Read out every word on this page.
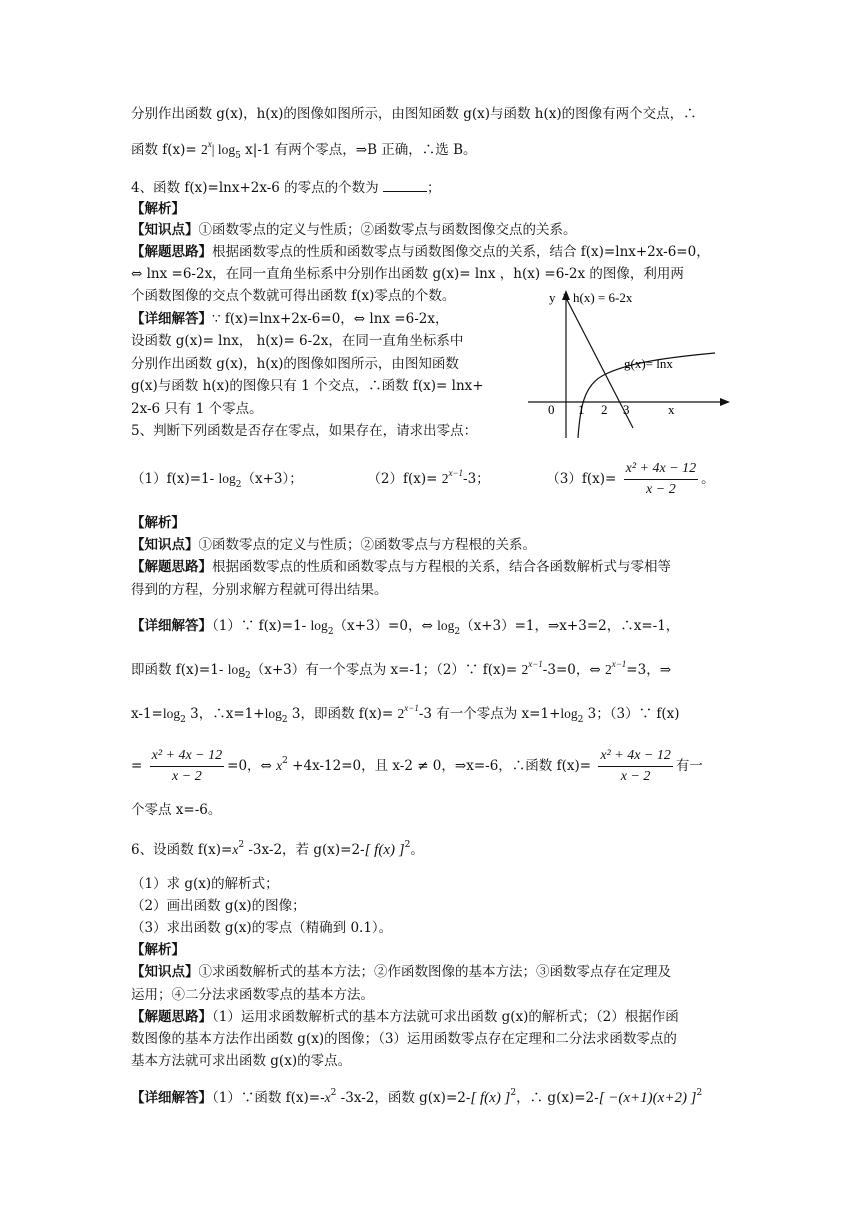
分别作出函数 g(x)，h(x)的图像如图所示，由图知函数 g(x)与函数 h(x)的图像有两个交点，∴
函数 $f(x)= 2^x|$ $\log_5 x|-1$ 有两个零点，⇒B 正确，∴选 B。
4、函数 f(x)=lnx+2x-6 的零点的个数为	；
【解析】
【知识点】①函数零点的定义与性质；②函数零点与函数图像交点的关系。
【解题思路】根据函数零点的性质和函数零点与函数图像交点的关系，结合 f(x)=lnx+2x-6=0，
⇔ lnx =6-2x，在同一直角坐标系中分别作出函数 g(x)= lnx ，h(x) =6-2x 的图像，利用两
个函数图像的交点个数就可得出函数 f(x)零点的个数。
【详细解答】∵ f(x)=lnx+2x-6=0，⇔ lnx =6-2x，
设函数 g(x)= lnx， h(x)= 6-2x，在同一直角坐标系中
分别作出函数 g(x)，h(x)的图像如图所示，由图知函数
g(x)与函数 h(x)的图像只有 1 个交点，∴函数 f(x)= lnx+
2x-6 只有 1 个零点。
y h(x) = 6-2x
g(x)= lnx
0 1 2 3	x
5、判断下列函数是否存在零点，如果存在，请求出零点：
（1）f(x)=1- $\log_2(x+3)$；	$(2)f(x)= 2^{x-1}-3$；	$(3)f(x)= \frac{\text{x² + 4x − 12}}{x - 2}$ 。
【解析】
【知识点】①函数零点的定义与性质；②函数零点与方程根的关系。
【解题思路】根据函数零点的性质和函数零点与方程根的关系，结合各函数解析式与零相等
得到的方程，分别求解方程就可得出结果。
【详细解答】（1）∵ f(x)=1- $\log_2(x+3)=0$，⇔ $\log_2(x+3)=1$，⇒x+3=2，∴x=-1，
即函数 f(x)=1- $\log_2(x+3)$有一个零点为 x=-1；（2）∵ $f(x)= 2^{x-1}-3=0$，⇔ $2^{x-1}=3$，⇒
$x-1=\log_2$ 3，$\therefore x=1+\log_2$ 3，即函数 $f(x)= 2^{x-1}-3$ 有一个零点为 $x=1+\log_2$ 3；（3）∵ f(x)
= $\frac{\text{x² + 4x − 12}}{x - 2} =0$，⇔ $x^2 +4x-12=0$，且 x-2 ≠ 0，⇒x=-6，∴函数 $f(x)= \frac{\text{x² + 4x − 12}}{x - 2}$ 有一
个零点 x=-6。
6、设函数 $f(x)=x^2$ -3x-2，若 g(x)=2-[ f(x) ]$^2$。
（1）求 g(x)的解析式；
（2）画出函数 g(x)的图像；
（3）求出函数 g(x)的零点（精确到 0.1）。
【解析】
【知识点】①求函数解析式的基本方法；②作函数图像的基本方法；③函数零点存在定理及
运用；④二分法求函数零点的基本方法。
【解题思路】（1）运用求函数解析式的基本方法就可求出函数 g(x)的解析式；（2）根据作函
数图像的基本方法作出函数 g(x)的图像；（3）运用函数零点存在定理和二分法求函数零点的
基本方法就可求出函数 g(x)的零点。
【详细解答】（1）∵函数 $f(x)=-x^2$ -3x-2，函数 g(x)=2-[ f(x) ]$^2$，∴ g(x)=2-[ −(x+1)(x+2) ]$^2$
